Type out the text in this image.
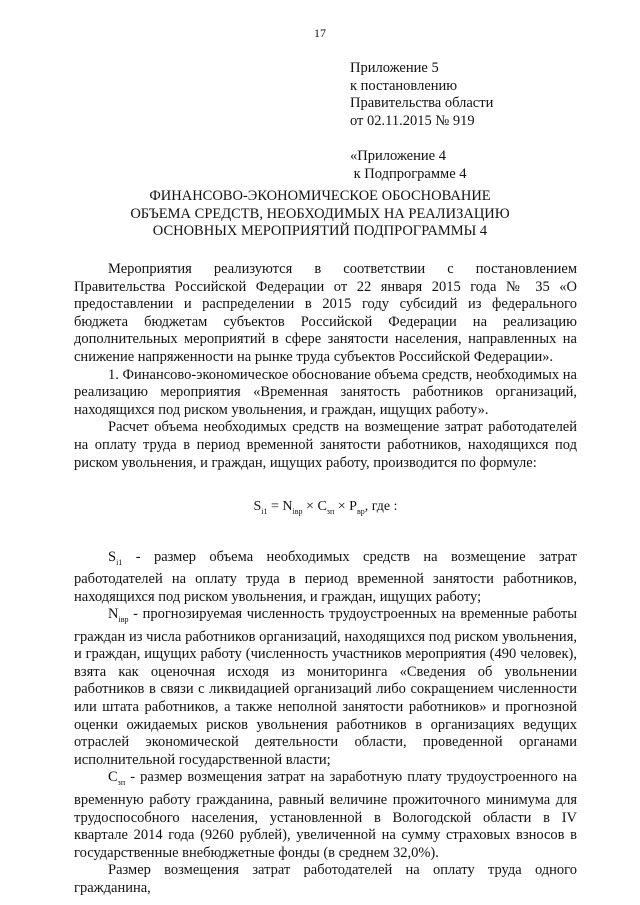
17
Приложение 5
к постановлению
Правительства области
от 02.11.2015 № 919
«Приложение 4
к Подпрограмме 4
ФИНАНСОВО-ЭКОНОМИЧЕСКОЕ ОБОСНОВАНИЕ
ОБЪЕМА СРЕДСТВ, НЕОБХОДИМЫХ НА РЕАЛИЗАЦИЮ
ОСНОВНЫХ МЕРОПРИЯТИЙ ПОДПРОГРАММЫ 4

Мероприятия реализуются в соответствии с постановлением Правительства Российской Федерации от 22 января 2015 года № 35 «О предоставлении и распределении в 2015 году субсидий из федерального бюджета бюджетам субъектов Российской Федерации на реализацию дополнительных мероприятий в сфере занятости населения, направленных на снижение напряженности на рынке труда субъектов Российской Федерации».

1. Финансово-экономическое обоснование объема средств, необходимых на реализацию мероприятия «Временная занятость работников организаций, находящихся под риском увольнения, и граждан, ищущих работу».

Расчет объема необходимых средств на возмещение затрат работодателей на оплату труда в период временной занятости работников, находящихся под риском увольнения, и граждан, ищущих работу, производится по формуле:

$S_{i1} = N_{івр} \times C_{зп} \times P_{вр}$, где :

$S_{i1}$ - размер объема необходимых средств на возмещение затрат работодателей на оплату труда в период временной занятости работников, находящихся под риском увольнения, и граждан, ищущих работу;

$N_{івр}$ - прогнозируемая численность трудоустроенных на временные работы граждан из числа работников организаций, находящихся под риском увольнения, и граждан, ищущих работу (численность участников мероприятия (490 человек), взята как оценочная исходя из мониторинга «Сведения об увольнении работников в связи с ликвидацией организаций либо сокращением численности или штата работников, а также неполной занятости работников» и прогнозной оценки ожидаемых рисков увольнения работников в организациях ведущих отраслей экономической деятельности области, проведенной органами исполнительной государственной власти;

$C_{зп}$ - размер возмещения затрат на заработную плату трудоустроенного на временную работу гражданина, равный величине прожиточного минимума для трудоспособного населения, установленной в Вологодской области в IV квартале 2014 года (9260 рублей), увеличенной на сумму страховых взносов в государственные внебюджетные фонды (в среднем 32,0%).

Размер возмещения затрат работодателей на оплату труда одного гражданина,
